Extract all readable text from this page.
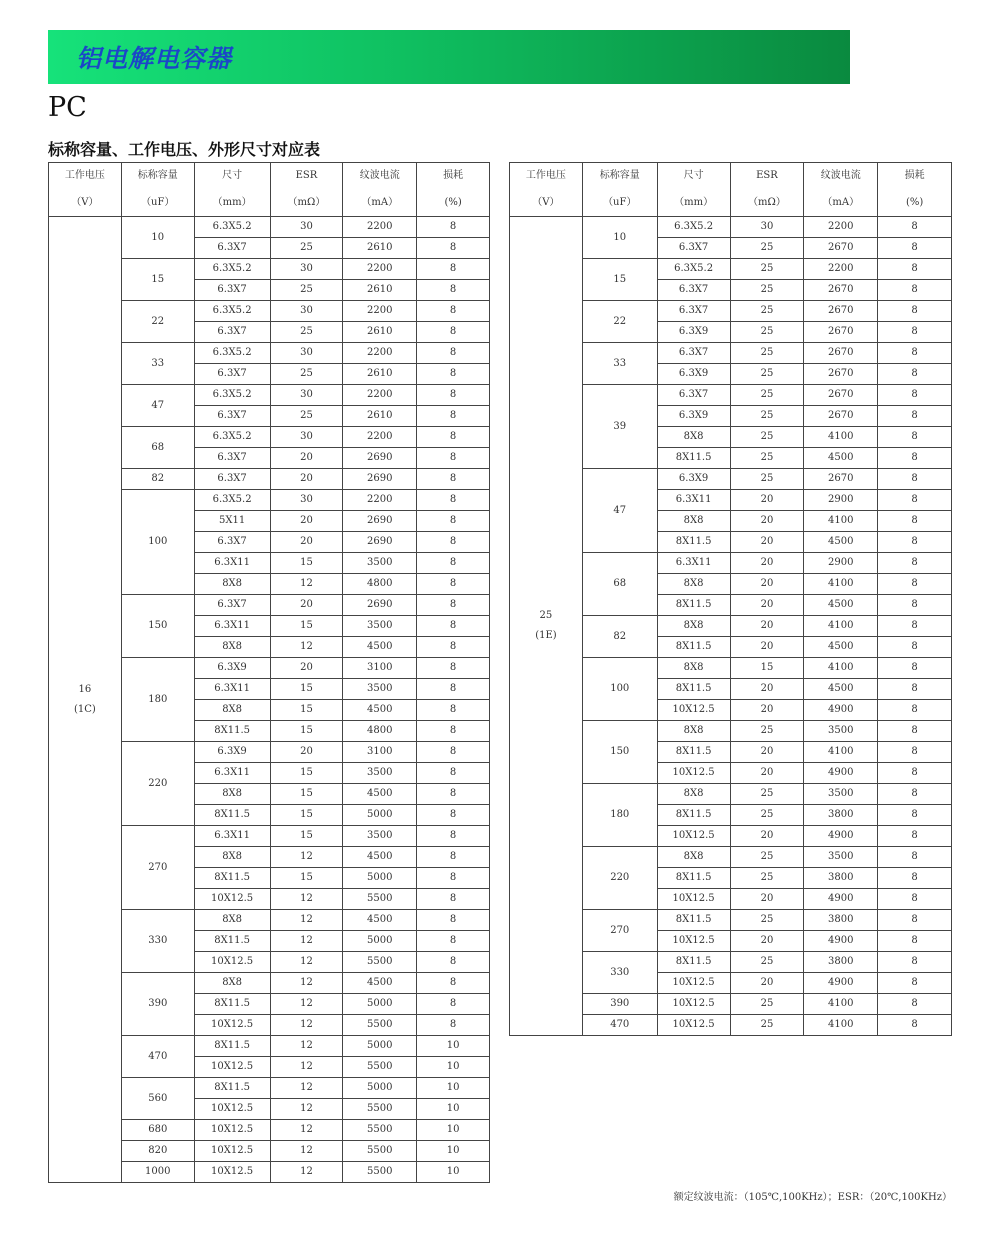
铝电解电容器
PC
标称容量、工作电压、外形尺寸对应表
工作电压	标称容量	尺寸	ESR	纹波电流	损耗
（V）	（uF）	（mm）	（mΩ）	（mA）	(%)

16
(1C)	10	6.3X5.2	30	2200	8
		6.3X7	25	2610	8
	15	6.3X5.2	30	2200	8
		6.3X7	25	2610	8
	22	6.3X5.2	30	2200	8
		6.3X7	25	2610	8
	33	6.3X5.2	30	2200	8
		6.3X7	25	2610	8
	47	6.3X5.2	30	2200	8
		6.3X7	25	2610	8
	68	6.3X5.2	30	2200	8
		6.3X7	20	2690	8
	82	6.3X7	20	2690	8
	100	6.3X5.2	30	2200	8
		5X11	20	2690	8
		6.3X7	20	2690	8
		6.3X11	15	3500	8
		8X8	12	4800	8
	150	6.3X7	20	2690	8
		6.3X11	15	3500	8
		8X8	12	4500	8
	180	6.3X9	20	3100	8
		6.3X11	15	3500	8
		8X8	15	4500	8
		8X11.5	15	4800	8
	220	6.3X9	20	3100	8
		6.3X11	15	3500	8
		8X8	15	4500	8
		8X11.5	15	5000	8
	270	6.3X11	15	3500	8
		8X8	12	4500	8
		8X11.5	15	5000	8
		10X12.5	12	5500	8
	330	8X8	12	4500	8
		8X11.5	12	5000	8
		10X12.5	12	5500	8
	390	8X8	12	4500	8
		8X11.5	12	5000	8
		10X12.5	12	5500	8
	470	8X11.5	12	5000	10
		10X12.5	12	5500	10
	560	8X11.5	12	5000	10
		10X12.5	12	5500	10
	680	10X12.5	12	5500	10
	820	10X12.5	12	5500	10
	1000	10X12.5	12	5500	10
工作电压	标称容量	尺寸	ESR	纹波电流	损耗
（V）	（uF）	（mm）	（mΩ）	（mA）	(%)

25
(1E)	10	6.3X5.2	30	2200	8
		6.3X7	25	2670	8
	15	6.3X5.2	25	2200	8
		6.3X7	25	2670	8
	22	6.3X7	25	2670	8
		6.3X9	25	2670	8
	33	6.3X7	25	2670	8
		6.3X9	25	2670	8
	39	6.3X7	25	2670	8
		6.3X9	25	2670	8
		8X8	25	4100	8
		8X11.5	25	4500	8
	47	6.3X9	25	2670	8
		6.3X11	20	2900	8
		8X8	20	4100	8
		8X11.5	20	4500	8
	68	6.3X11	20	2900	8
		8X8	20	4100	8
		8X11.5	20	4500	8
	82	8X8	20	4100	8
		8X11.5	20	4500	8
	100	8X8	15	4100	8
		8X11.5	20	4500	8
		10X12.5	20	4900	8
	150	8X8	25	3500	8
		8X11.5	20	4100	8
		10X12.5	20	4900	8
	180	8X8	25	3500	8
		8X11.5	25	3800	8
		10X12.5	20	4900	8
	220	8X8	25	3500	8
		8X11.5	25	3800	8
		10X12.5	20	4900	8
	270	8X11.5	25	3800	8
		10X12.5	20	4900	8
	330	8X11.5	25	3800	8
		10X12.5	20	4900	8
	390	10X12.5	25	4100	8
	470	10X12.5	25	4100	8
额定纹波电流：（105℃,100KHz）；ESR：（20℃,100KHz）
